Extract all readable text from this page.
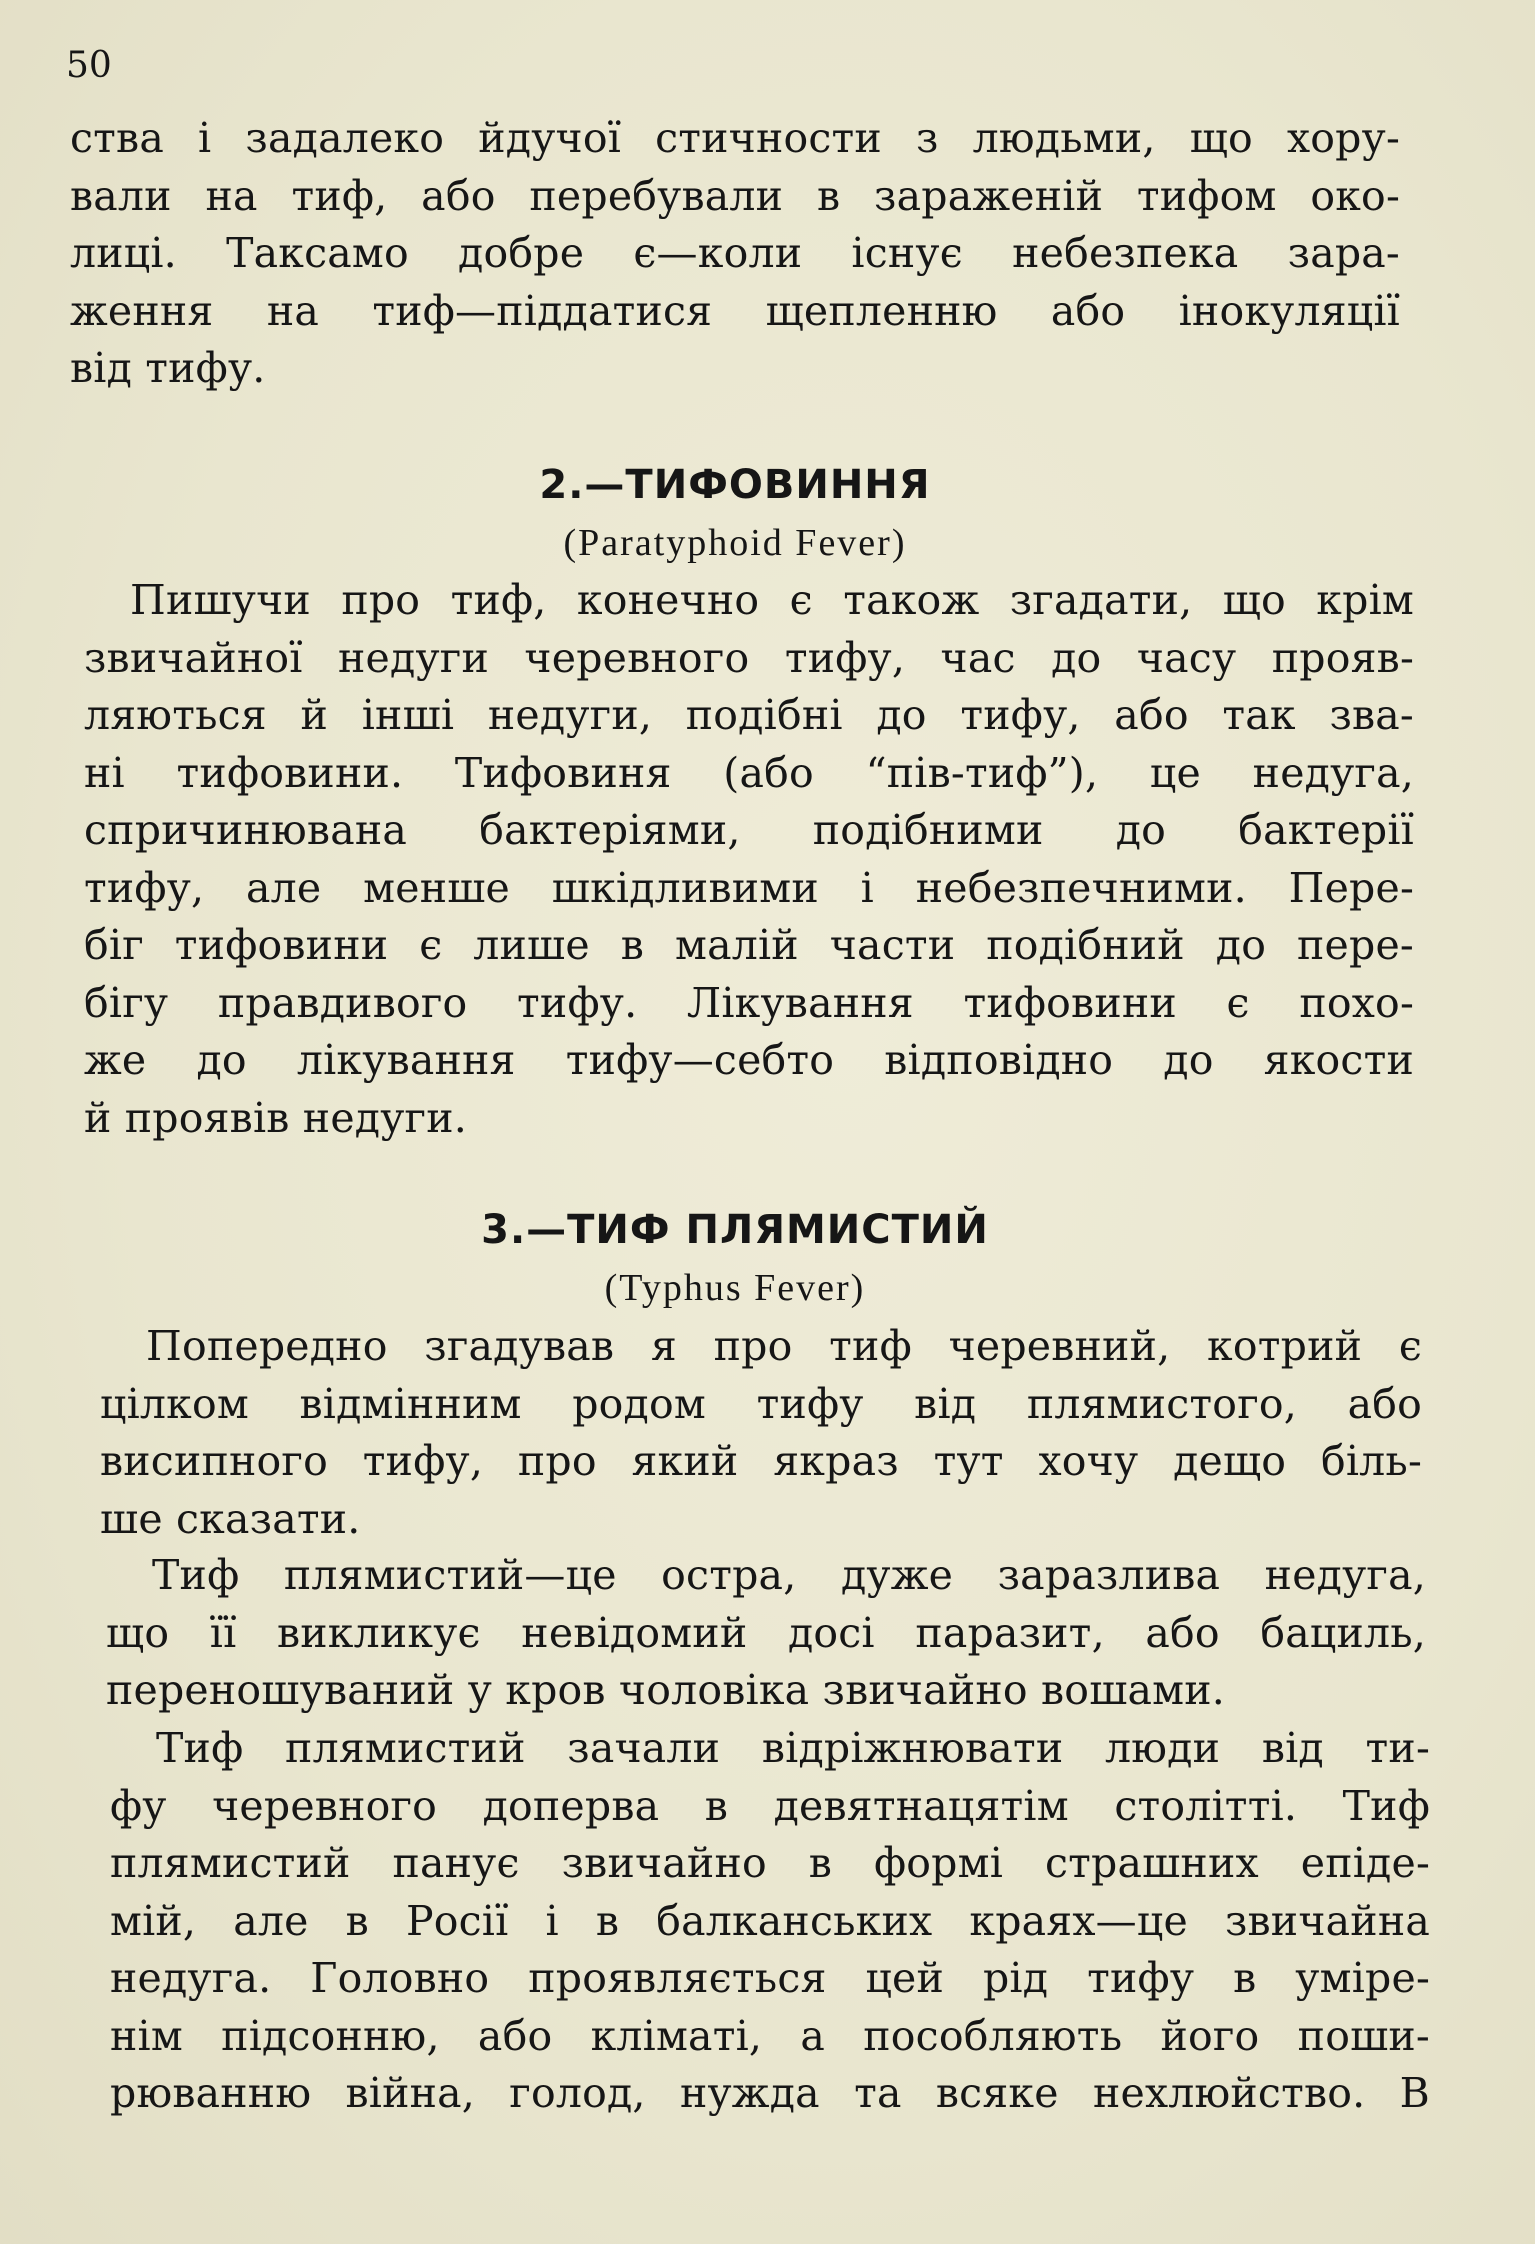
50
ства і задалеко йдучої стичности з людьми, що хору-
вали на тиф, або перебували в зараженій тифом око-
лиці. Таксамо добре є—коли існує небезпека зара-
ження на тиф—піддатися щепленню або інокуляції
від тифу.
2.—ТИФОВИННЯ
(Paratyphoid Fever)
Пишучи про тиф, конечно є також згадати, що крім
звичайної недуги черевного тифу, час до часу прояв-
ляються й інші недуги, подібні до тифу, або так зва-
ні тифовини. Тифовиня (або “пів-тиф”), це недуга,
спричинювана бактеріями, подібними до бактерії
тифу, але менше шкідливими і небезпечними. Пере-
біг тифовини є лише в малій части подібний до пере-
бігу правдивого тифу. Лікування тифовини є похо-
же до лікування тифу—себто відповідно до якости
й проявів недуги.
3.—ТИФ ПЛЯМИСТИЙ
(Typhus Fever)
Попередно згадував я про тиф черевний, котрий є
цілком відмінним родом тифу від плямистого, або
висипного тифу, про який якраз тут хочу дещо біль-
ше сказати.
Тиф плямистий—це остра, дуже заразлива недуга,
що її викликує невідомий досі паразит, або бациль,
переношуваний у кров чоловіка звичайно вошами.
Тиф плямистий зачали відріжнювати люди від ти-
фу черевного доперва в девятнацятім столітті. Тиф
плямистий панує звичайно в формі страшних епіде-
мій, але в Росії і в балканських краях—це звичайна
недуга. Головно проявляється цей рід тифу в уміре-
нім підсонню, або клiматі, а пособляють його поши-
рюванню війна, голод, нужда та всяке нехлюйство. В
